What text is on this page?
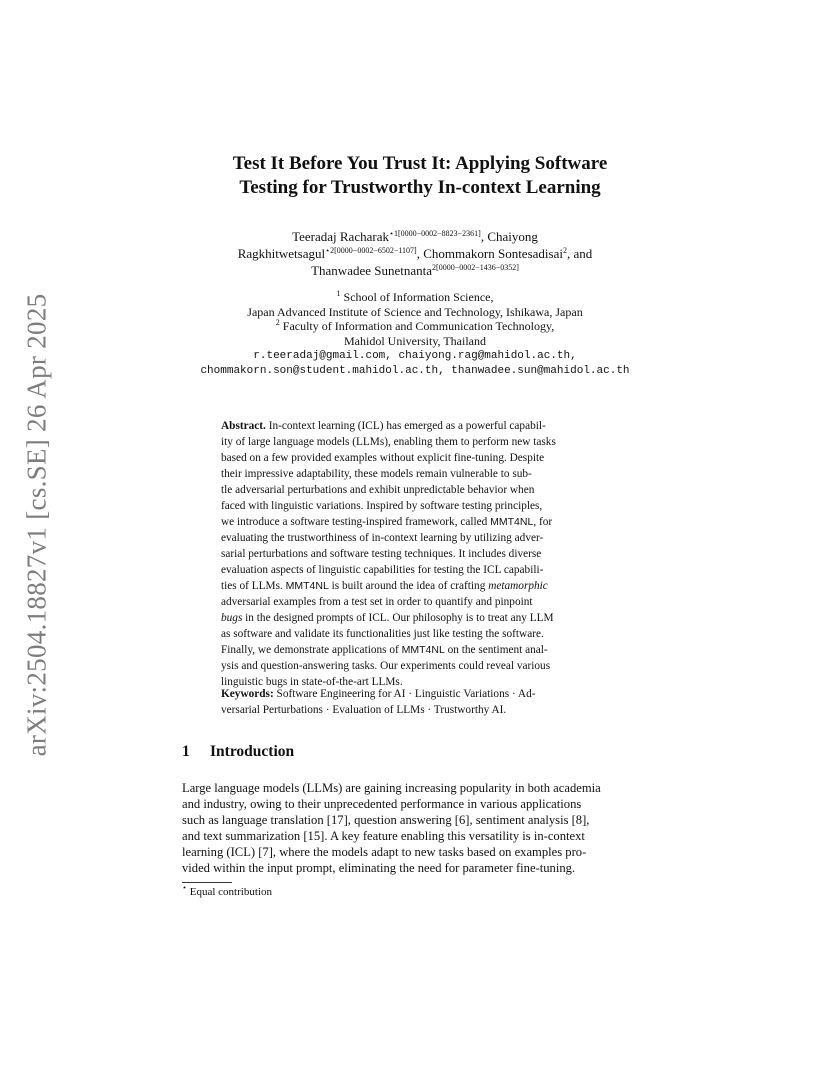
arXiv:2504.18827v1 [cs.SE] 26 Apr 2025
Test It Before You Trust It: Applying Software
Testing for Trustworthy In-context Learning
Teeradaj Racharak$^{⋆1[0000-0002-8823-2361]}$, Chaiyong
Ragkhitwetsagul$^{⋆2[0000-0002-6502-1107]}$, Chommakorn Sontesadisai$^2$, and
Thanwadee Sunetnanta$^{2[0000-0002-1436-0352]}$
$^1$ School of Information Science,
Japan Advanced Institute of Science and Technology, Ishikawa, Japan
$^2$ Faculty of Information and Communication Technology,
Mahidol University, Thailand
r.teeradaj@gmail.com, chaiyong.rag@mahidol.ac.th,
chommakorn.son@student.mahidol.ac.th, thanwadee.sun@mahidol.ac.th
Abstract. In-context learning (ICL) has emerged as a powerful capabil-
ity of large language models (LLMs), enabling them to perform new tasks
based on a few provided examples without explicit fine-tuning. Despite
their impressive adaptability, these models remain vulnerable to sub-
tle adversarial perturbations and exhibit unpredictable behavior when
faced with linguistic variations. Inspired by software testing principles,
we introduce a software testing-inspired framework, called MMT4NL, for
evaluating the trustworthiness of in-context learning by utilizing adver-
sarial perturbations and software testing techniques. It includes diverse
evaluation aspects of linguistic capabilities for testing the ICL capabili-
ties of LLMs. MMT4NL is built around the idea of crafting metamorphic
adversarial examples from a test set in order to quantify and pinpoint
bugs in the designed prompts of ICL. Our philosophy is to treat any LLM
as software and validate its functionalities just like testing the software.
Finally, we demonstrate applications of MMT4NL on the sentiment anal-
ysis and question-answering tasks. Our experiments could reveal various
linguistic bugs in state-of-the-art LLMs.
Keywords: Software Engineering for AI · Linguistic Variations · Ad-
versarial Perturbations · Evaluation of LLMs · Trustworthy AI.
1 Introduction
Large language models (LLMs) are gaining increasing popularity in both academia
and industry, owing to their unprecedented performance in various applications
such as language translation [17], question answering [6], sentiment analysis [8],
and text summarization [15]. A key feature enabling this versatility is in-context
learning (ICL) [7], where the models adapt to new tasks based on examples pro-
vided within the input prompt, eliminating the need for parameter fine-tuning.
⋆ Equal contribution
